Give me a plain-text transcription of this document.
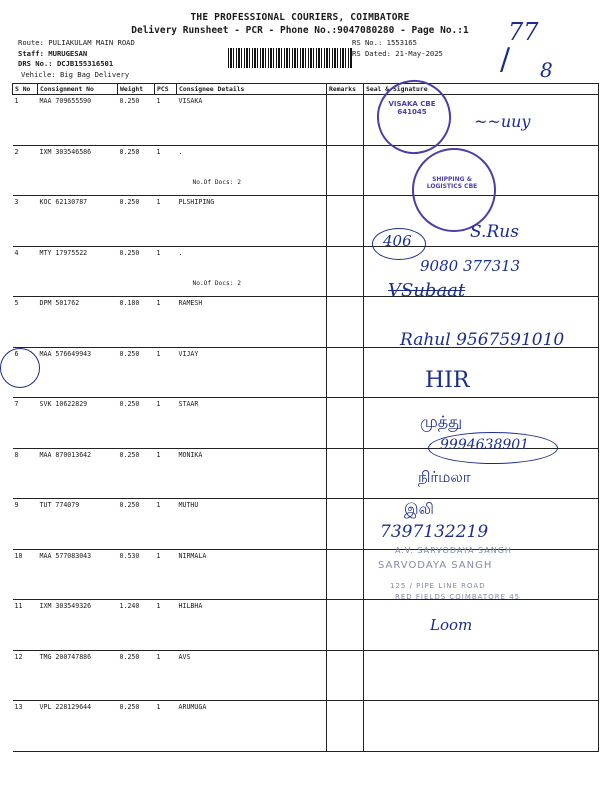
THE PROFESSIONAL COURIERS, COIMBATORE
Delivery Runsheet - PCR - Phone No.:9047080280 - Page No.:1
Route: PULIAKULAM MAIN ROAD
Staff: MURUGESAN
DRS No.: DCJB155316501
Vehicle: Big Bag Delivery
RS No.: 1553165
RS Dated: 21-May-2025
S No	Consignment No	Weight	PCS	Consignee Details	Remarks	Seal & Signature
1	MAA 709655590	0.250	1	VISAKA

2	IXM 303546586	0.250	1	.
No.Of Docs: 2		

3	KOC 62130787	0.250	1	PLSHIPING

4	MTY 17975522	0.250	1	.
No.Of Docs: 2		

5	DPM 501762	0.180	1	RAMESH

6	MAA 576649943	0.250	1	VIJAY

7	SVK 10622829	0.250	1	STAAR

8	MAA 870013642	0.250	1	MONIKA

9	TUT 774079	0.250	1	MUTHU

10	MAA 577083043	0.530	1	NIRMALA

11	IXM 303549326	1.240	1	HILBHA

12	TMG 200747886	0.250	1	AVS

13	VPL 228129644	0.250	1	ARUMUGA

77
/ 8
VISAKA CBE 641045
SHIPPING & LOGISTICS CBE
~~uuy
406	S.Rus
9080 377313
VSubaat
Rahul 9567591010
HIR
முத்து
9994638901
நிர்மலா
இலி
7397132219
A.V. SARVODAYA SANGH
SARVODAYA SANGH
125 / PIPE LINE ROAD
RED FIELDS COIMBATORE 45
Loom
